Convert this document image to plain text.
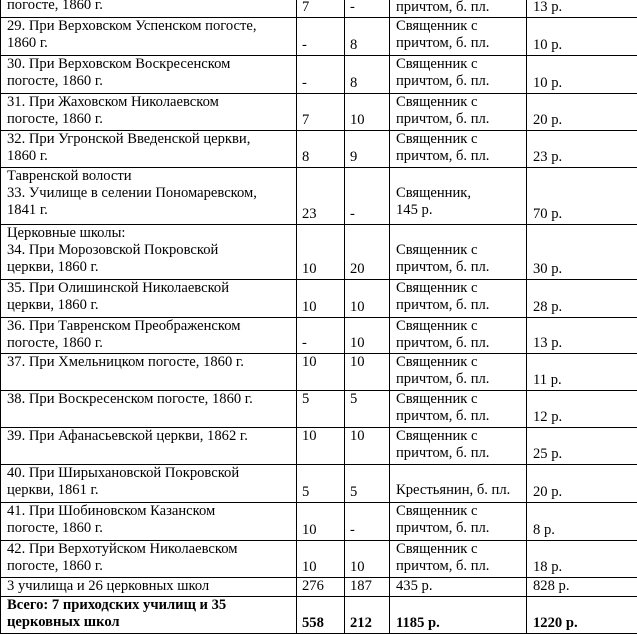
погосте, 1860 г.	7	-	причтом, б. пл.	13 р.

29. При Верховском Успенском погосте,
1860 г.	-	8	Священник с
причтом, б. пл.	10 р.

30. При Верховском Воскресенском
погосте, 1860 г.	-	8	Священник с
причтом, б. пл.	10 р.

31. При Жаховском Николаевском
погосте, 1860 г.	7	10	Священник с
причтом, б. пл.	20 р.

32. При Угронской Введенской церкви,
1860 г.	8	9	Священник с
причтом, б. пл.	23 р.

Тавренской волости
33. Училище в селении Пономаревском,
1841 г.	23	-	Священник,
145 р.	70 р.

Церковные школы:
34. При Морозовской Покровской
церкви, 1860 г.	10	20	Священник с
причтом, б. пл.	30 р.

35. При Олишинской Николаевской
церкви, 1860 г.	10	10	Священник с
причтом, б. пл.	28 р.

36. При Тавренском Преображенском
погосте, 1860 г.	-	10	Священник с
причтом, б. пл.	13 р.

37. При Хмельницком погосте, 1860 г.	10	10	Священник с
причтом, б. пл.	11 р.

38. При Воскресенском погосте, 1860 г.	5	5	Священник с
причтом, б. пл.	12 р.

39. При Афанасьевской церкви, 1862 г.	10	10	Священник с
причтом, б. пл.	25 р.

40. При Ширыхановской Покровской
церкви, 1861 г.	5	5	Крестьянин, б. пл.	20 р.

41. При Шобиновском Казанском
погосте, 1860 г.	10	-	Священник с
причтом, б. пл.	8 р.

42. При Верхотуйском Николаевском
погосте, 1860 г.	10	10	Священник с
причтом, б. пл.	18 р.

3 училища и 26 церковных школ	276	187	435 р.	828 р.

Всего: 7 приходских училищ и 35
церковных школ	558	212	1185 р.	1220 р.
